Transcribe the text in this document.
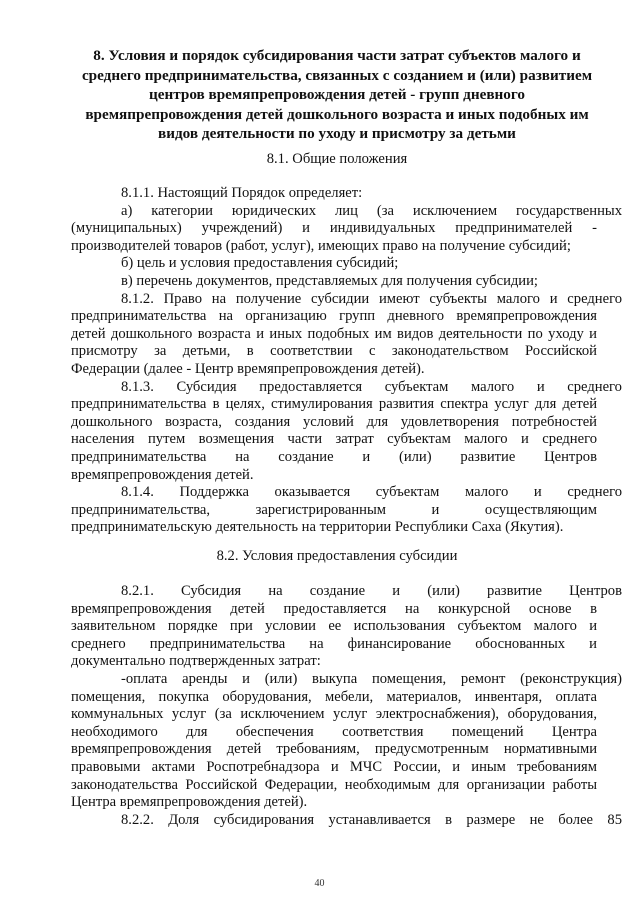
8. Условия и порядок субсидирования части затрат субъектов малого и среднего предпринимательства, связанных с созданием и (или) развитием центров времяпрепровождения детей - групп дневного времяпрепровождения детей дошкольного возраста и иных подобных им видов деятельности по уходу и присмотру за детьми
8.1. Общие положения
8.1.1. Настоящий Порядок определяет:
а) категории юридических лиц (за исключением государственных
(муниципальных) учреждений) и индивидуальных предпринимателей -
производителей товаров (работ, услуг), имеющих право на получение субсидий;
б) цель и условия предоставления субсидий;
в) перечень документов, представляемых для получения субсидии;
8.1.2. Право на получение субсидии имеют субъекты малого и среднего
предпринимательства на организацию групп дневного времяпрепровождения
детей дошкольного возраста и иных подобных им видов деятельности по уходу и
присмотру за детьми, в соответствии с законодательством Российской
Федерации (далее - Центр времяпрепровождения детей).
8.1.3. Субсидия предоставляется субъектам малого и среднего
предпринимательства в целях, стимулирования развития спектра услуг для детей
дошкольного возраста, создания условий для удовлетворения потребностей
населения путем возмещения части затрат субъектам малого и среднего
предпринимательства на создание и (или) развитие Центров
времяпрепровождения детей.
8.1.4. Поддержка оказывается субъектам малого и среднего
предпринимательства, зарегистрированным и осуществляющим
предпринимательскую деятельность на территории Республики Саха (Якутия).
8.2. Условия предоставления субсидии
8.2.1. Субсидия на создание и (или) развитие Центров
времяпрепровождения детей предоставляется на конкурсной основе в
заявительном порядке при условии ее использования субъектом малого и
среднего предпринимательства на финансирование обоснованных и
документально подтвержденных затрат:
-оплата аренды и (или) выкупа помещения, ремонт (реконструкция)
помещения, покупка оборудования, мебели, материалов, инвентаря, оплата
коммунальных услуг (за исключением услуг электроснабжения), оборудования,
необходимого для обеспечения соответствия помещений Центра
времяпрепровождения детей требованиям, предусмотренным нормативными
правовыми актами Роспотребнадзора и МЧС России, и иным требованиям
законодательства Российской Федерации, необходимым для организации работы
Центра времяпрепровождения детей).
8.2.2. Доля субсидирования устанавливается в размере не более 85
40
